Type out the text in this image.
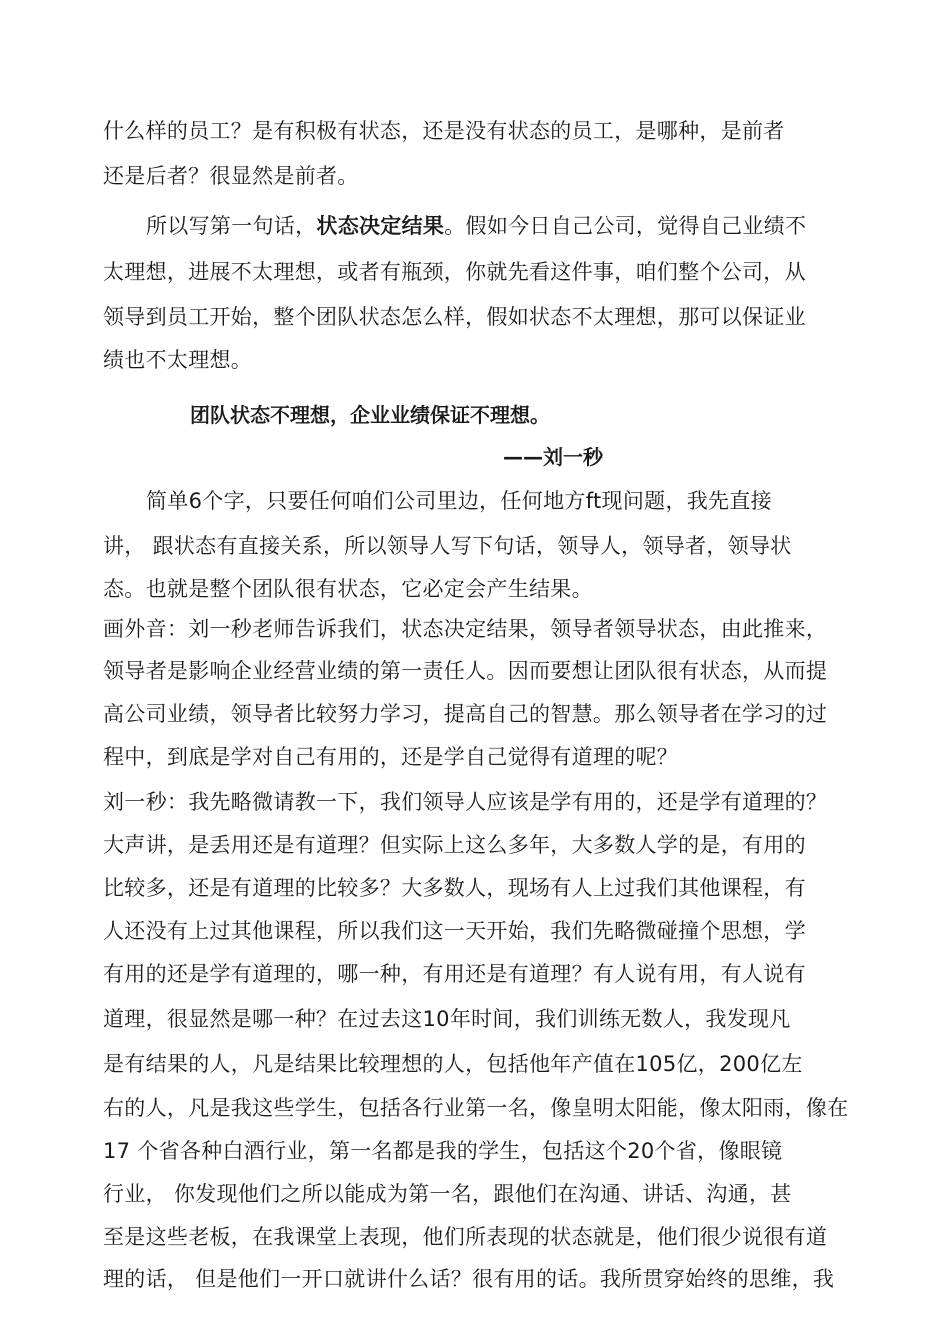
什么样的员工？是有积极有状态，还是没有状态的员工，是哪种，是前者
还是后者？很显然是前者。
所以写第一句话，状态决定结果。假如今日自己公司，觉得自己业绩不
太理想，进展不太理想，或者有瓶颈，你就先看这件事，咱们整个公司，从
领导到员工开始，整个团队状态怎么样，假如状态不太理想，那可以保证业
绩也不太理想。
团队状态不理想，企业业绩保证不理想。
——刘一秒
简单6个字，只要任何咱们公司里边，任何地方ft现问题，我先直接
讲， 跟状态有直接关系，所以领导人写下句话，领导人，领导者，领导状
态。也就是整个团队很有状态，它必定会产生结果。
画外音：刘一秒老师告诉我们，状态决定结果，领导者领导状态，由此推来，
领导者是影响企业经营业绩的第一责任人。因而要想让团队很有状态，从而提
高公司业绩，领导者比较努力学习，提高自己的智慧。那么领导者在学习的过
程中，到底是学对自己有用的，还是学自己觉得有道理的呢？
刘一秒：我先略微请教一下，我们领导人应该是学有用的，还是学有道理的？
大声讲，是丢用还是有道理？但实际上这么多年，大多数人学的是，有用的
比较多，还是有道理的比较多？大多数人，现场有人上过我们其他课程，有
人还没有上过其他课程，所以我们这一天开始，我们先略微碰撞个思想，学
有用的还是学有道理的，哪一种，有用还是有道理？有人说有用，有人说有
道理，很显然是哪一种？在过去这10年时间，我们训练无数人，我发现凡
是有结果的人，凡是结果比较理想的人，包括他年产值在105亿，200亿左
右的人，凡是我这些学生，包括各行业第一名，像皇明太阳能，像太阳雨，像在
17 个省各种白酒行业，第一名都是我的学生，包括这个20个省，像眼镜
行业， 你发现他们之所以能成为第一名，跟他们在沟通、讲话、沟通，甚
至是这些老板，在我课堂上表现，他们所表现的状态就是，他们很少说很有道
理的话， 但是他们一开口就讲什么话？很有用的话。我所贯穿始终的思维，我
